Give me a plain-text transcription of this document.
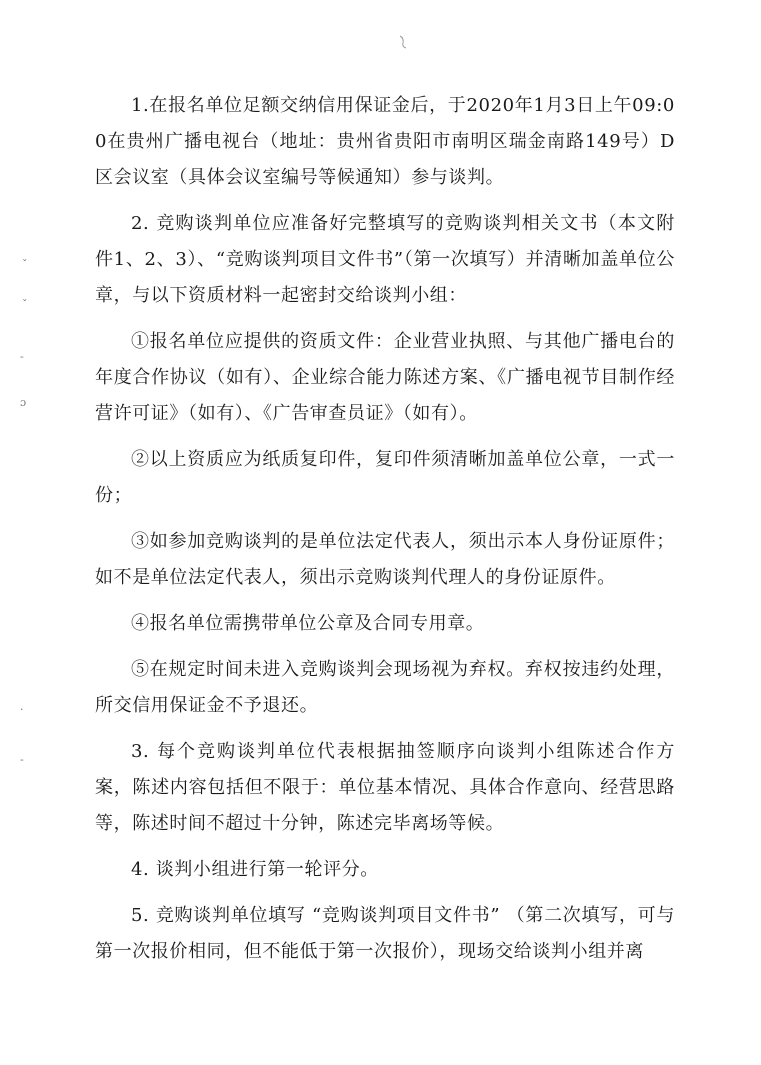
ˇ
ˇ
-
ɔ
·
-

1.在报名单位足额交纳信用保证金后，于2020年1月3日上午09:00在贵州广播电视台（地址：贵州省贵阳市南明区瑞金南路149号）D区会议室（具体会议室编号等候通知）参与谈判。

2. 竞购谈判单位应准备好完整填写的竞购谈判相关文书（本文附件1、2、3）、“竞购谈判项目文件书”（第一次填写）并清晰加盖单位公章，与以下资质材料一起密封交给谈判小组：

①报名单位应提供的资质文件：企业营业执照、与其他广播电台的年度合作协议（如有）、企业综合能力陈述方案、《广播电视节目制作经营许可证》（如有）、《广告审查员证》（如有）。

②以上资质应为纸质复印件，复印件须清晰加盖单位公章，一式一份；

③如参加竞购谈判的是单位法定代表人，须出示本人身份证原件；如不是单位法定代表人，须出示竞购谈判代理人的身份证原件。

④报名单位需携带单位公章及合同专用章。

⑤在规定时间未进入竞购谈判会现场视为弃权。弃权按违约处理，所交信用保证金不予退还。

3. 每个竞购谈判单位代表根据抽签顺序向谈判小组陈述合作方案，陈述内容包括但不限于：单位基本情况、具体合作意向、经营思路等，陈述时间不超过十分钟，陈述完毕离场等候。

4. 谈判小组进行第一轮评分。

5. 竞购谈判单位填写 “竞购谈判项目文件书” （第二次填写，可与第一次报价相同，但不能低于第一次报价），现场交给谈判小组并离
